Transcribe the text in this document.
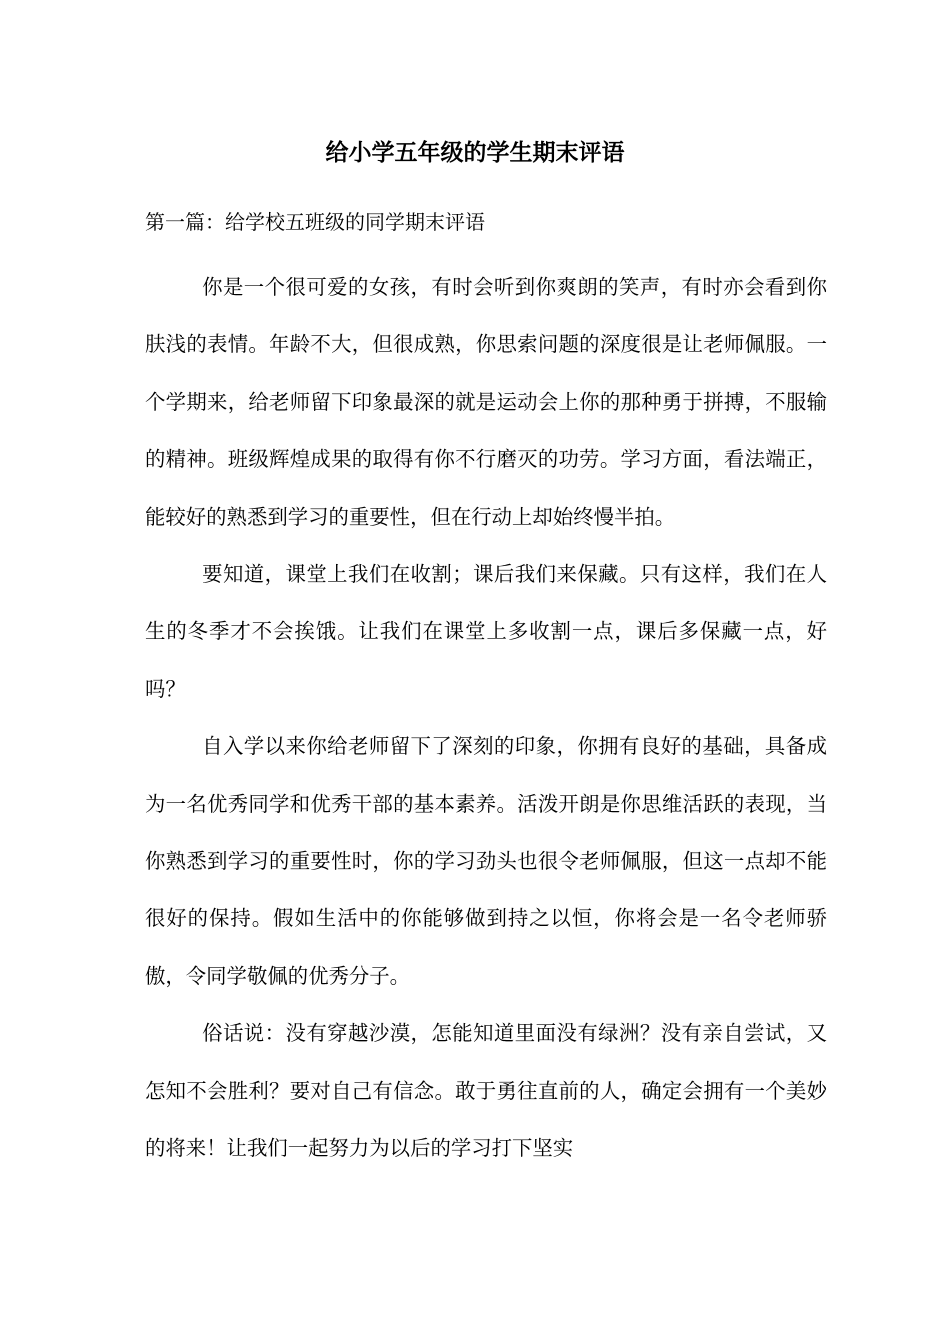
给小学五年级的学生期末评语

第一篇：给学校五班级的同学期末评语

你是一个很可爱的女孩，有时会听到你爽朗的笑声，有时亦会看到你肤浅的表情。年龄不大，但很成熟，你思索问题的深度很是让老师佩服。一个学期来，给老师留下印象最深的就是运动会上你的那种勇于拼搏，不服输的精神。班级辉煌成果的取得有你不行磨灭的功劳。学习方面，看法端正，能较好的熟悉到学习的重要性，但在行动上却始终慢半拍。

要知道，课堂上我们在收割；课后我们来保藏。只有这样，我们在人生的冬季才不会挨饿。让我们在课堂上多收割一点，课后多保藏一点，好吗？

自入学以来你给老师留下了深刻的印象，你拥有良好的基础，具备成为一名优秀同学和优秀干部的基本素养。活泼开朗是你思维活跃的表现，当你熟悉到学习的重要性时，你的学习劲头也很令老师佩服，但这一点却不能很好的保持。假如生活中的你能够做到持之以恒，你将会是一名令老师骄傲，令同学敬佩的优秀分子。

俗话说：没有穿越沙漠，怎能知道里面没有绿洲？没有亲自尝试，又怎知不会胜利？要对自己有信念。敢于勇往直前的人，确定会拥有一个美妙的将来！让我们一起努力为以后的学习打下坚实
